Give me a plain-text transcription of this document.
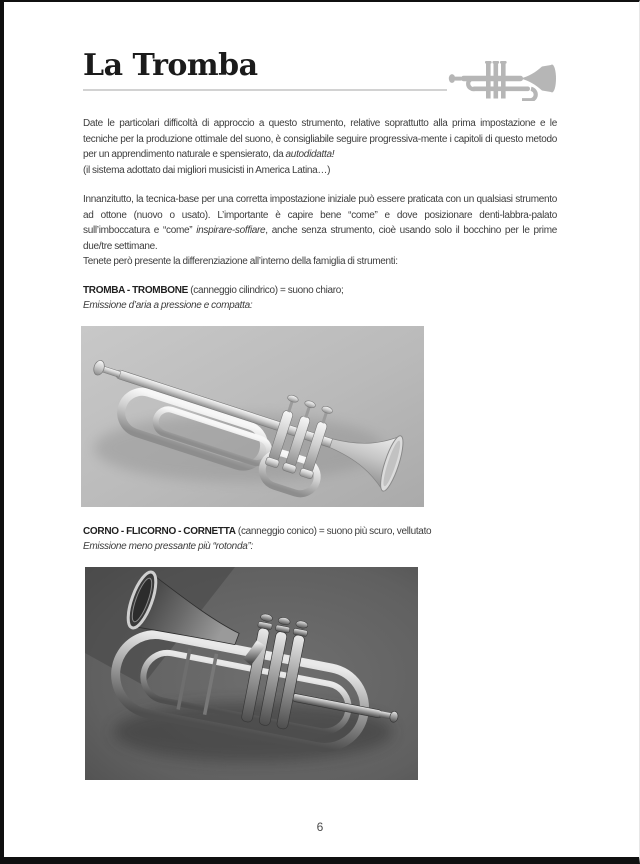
La Tromba

Date le particolari difficoltà di approccio a questo strumento, relative soprattutto alla prima impostazione e le tecniche per la produzione ottimale del suono, è consigliabile seguire progressiva-mente i capitoli di questo metodo per un apprendimento naturale e spensierato, da autodidatta!
(il sistema adottato dai migliori musicisti in America Latina…)

Innanzitutto, la tecnica-base per una corretta impostazione iniziale può essere praticata con un qualsiasi strumento ad ottone (nuovo o usato). L’importante è capire bene “come” e dove posizionare denti-labbra-palato sull’imboccatura e “come” inspirare-soffiare, anche senza strumento, cioè usando solo il bocchino per le prime due/tre settimane.
Tenete però presente la differenziazione all’interno della famiglia di strumenti:

TROMBA - TROMBONE (canneggio cilindrico) = suono chiaro;

Emissione d’aria a pressione e compatta:

CORNO - FLICORNO - CORNETTA (canneggio conico) = suono più scuro, vellutato

Emissione meno pressante più “rotonda”:

6
